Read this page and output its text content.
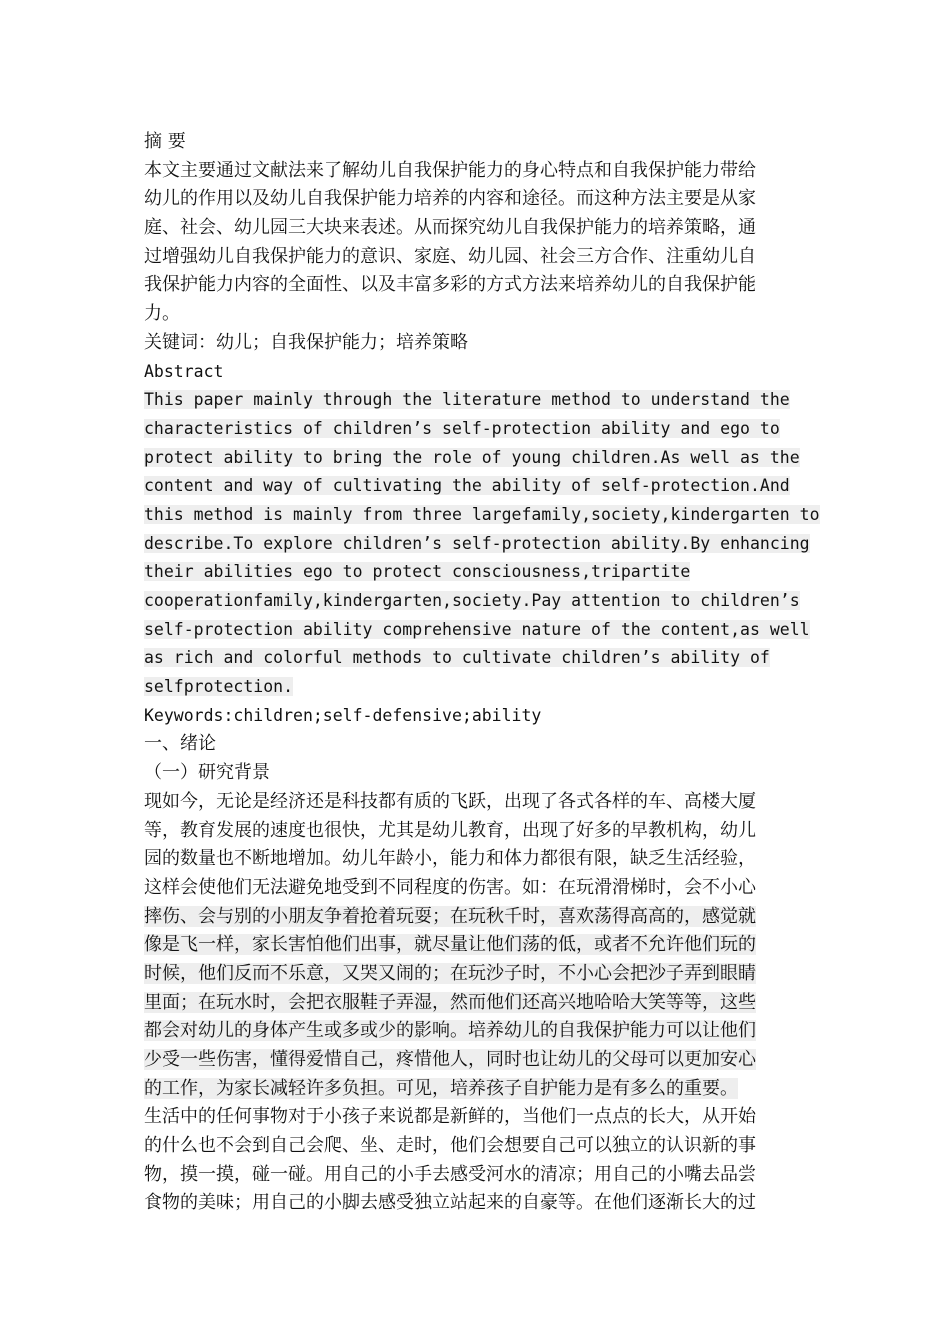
摘 要
本文主要通过文献法来了解幼儿自我保护能力的身心特点和自我保护能力带给
幼儿的作用以及幼儿自我保护能力培养的内容和途径。而这种方法主要是从家
庭、社会、幼儿园三大块来表述。从而探究幼儿自我保护能力的培养策略，通
过增强幼儿自我保护能力的意识、家庭、幼儿园、社会三方合作、注重幼儿自
我保护能力内容的全面性、以及丰富多彩的方式方法来培养幼儿的自我保护能
力。
关键词：幼儿；自我保护能力；培养策略
Abstract
This paper mainly through the literature method to understand the
characteristics of children’s self-protection ability and ego to
protect ability to bring the role of young children.As well as the
content and way of cultivating the ability of self-protection.And
this method is mainly from three largefamily,society,kindergarten to
describe.To explore children’s self-protection ability.By enhancing
their abilities ego to protect consciousness,tripartite
cooperationfamily,kindergarten,society.Pay attention to children’s
self-protection ability comprehensive nature of the content,as well
as rich and colorful methods to cultivate children’s ability of
selfprotection.
Keywords:children;self-defensive;ability
一、绪论
（一）研究背景
现如今，无论是经济还是科技都有质的飞跃，出现了各式各样的车、高楼大厦
等，教育发展的速度也很快，尤其是幼儿教育，出现了好多的早教机构，幼儿
园的数量也不断地增加。幼儿年龄小，能力和体力都很有限，缺乏生活经验，
这样会使他们无法避免地受到不同程度的伤害。如：在玩滑滑梯时，会不小心
摔伤、会与别的小朋友争着抢着玩耍；在玩秋千时，喜欢荡得高高的，感觉就
像是飞一样，家长害怕他们出事，就尽量让他们荡的低，或者不允许他们玩的
时候，他们反而不乐意，又哭又闹的；在玩沙子时，不小心会把沙子弄到眼睛
里面；在玩水时，会把衣服鞋子弄湿，然而他们还高兴地哈哈大笑等等，这些
都会对幼儿的身体产生或多或少的影响。培养幼儿的自我保护能力可以让他们
少受一些伤害，懂得爱惜自己，疼惜他人，同时也让幼儿的父母可以更加安心
的工作，为家长减轻许多负担。可见，培养孩子自护能力是有多么的重要。
生活中的任何事物对于小孩子来说都是新鲜的，当他们一点点的长大，从开始
的什么也不会到自己会爬、坐、走时，他们会想要自己可以独立的认识新的事
物，摸一摸，碰一碰。用自己的小手去感受河水的清凉；用自己的小嘴去品尝
食物的美味；用自己的小脚去感受独立站起来的自豪等。在他们逐渐长大的过
